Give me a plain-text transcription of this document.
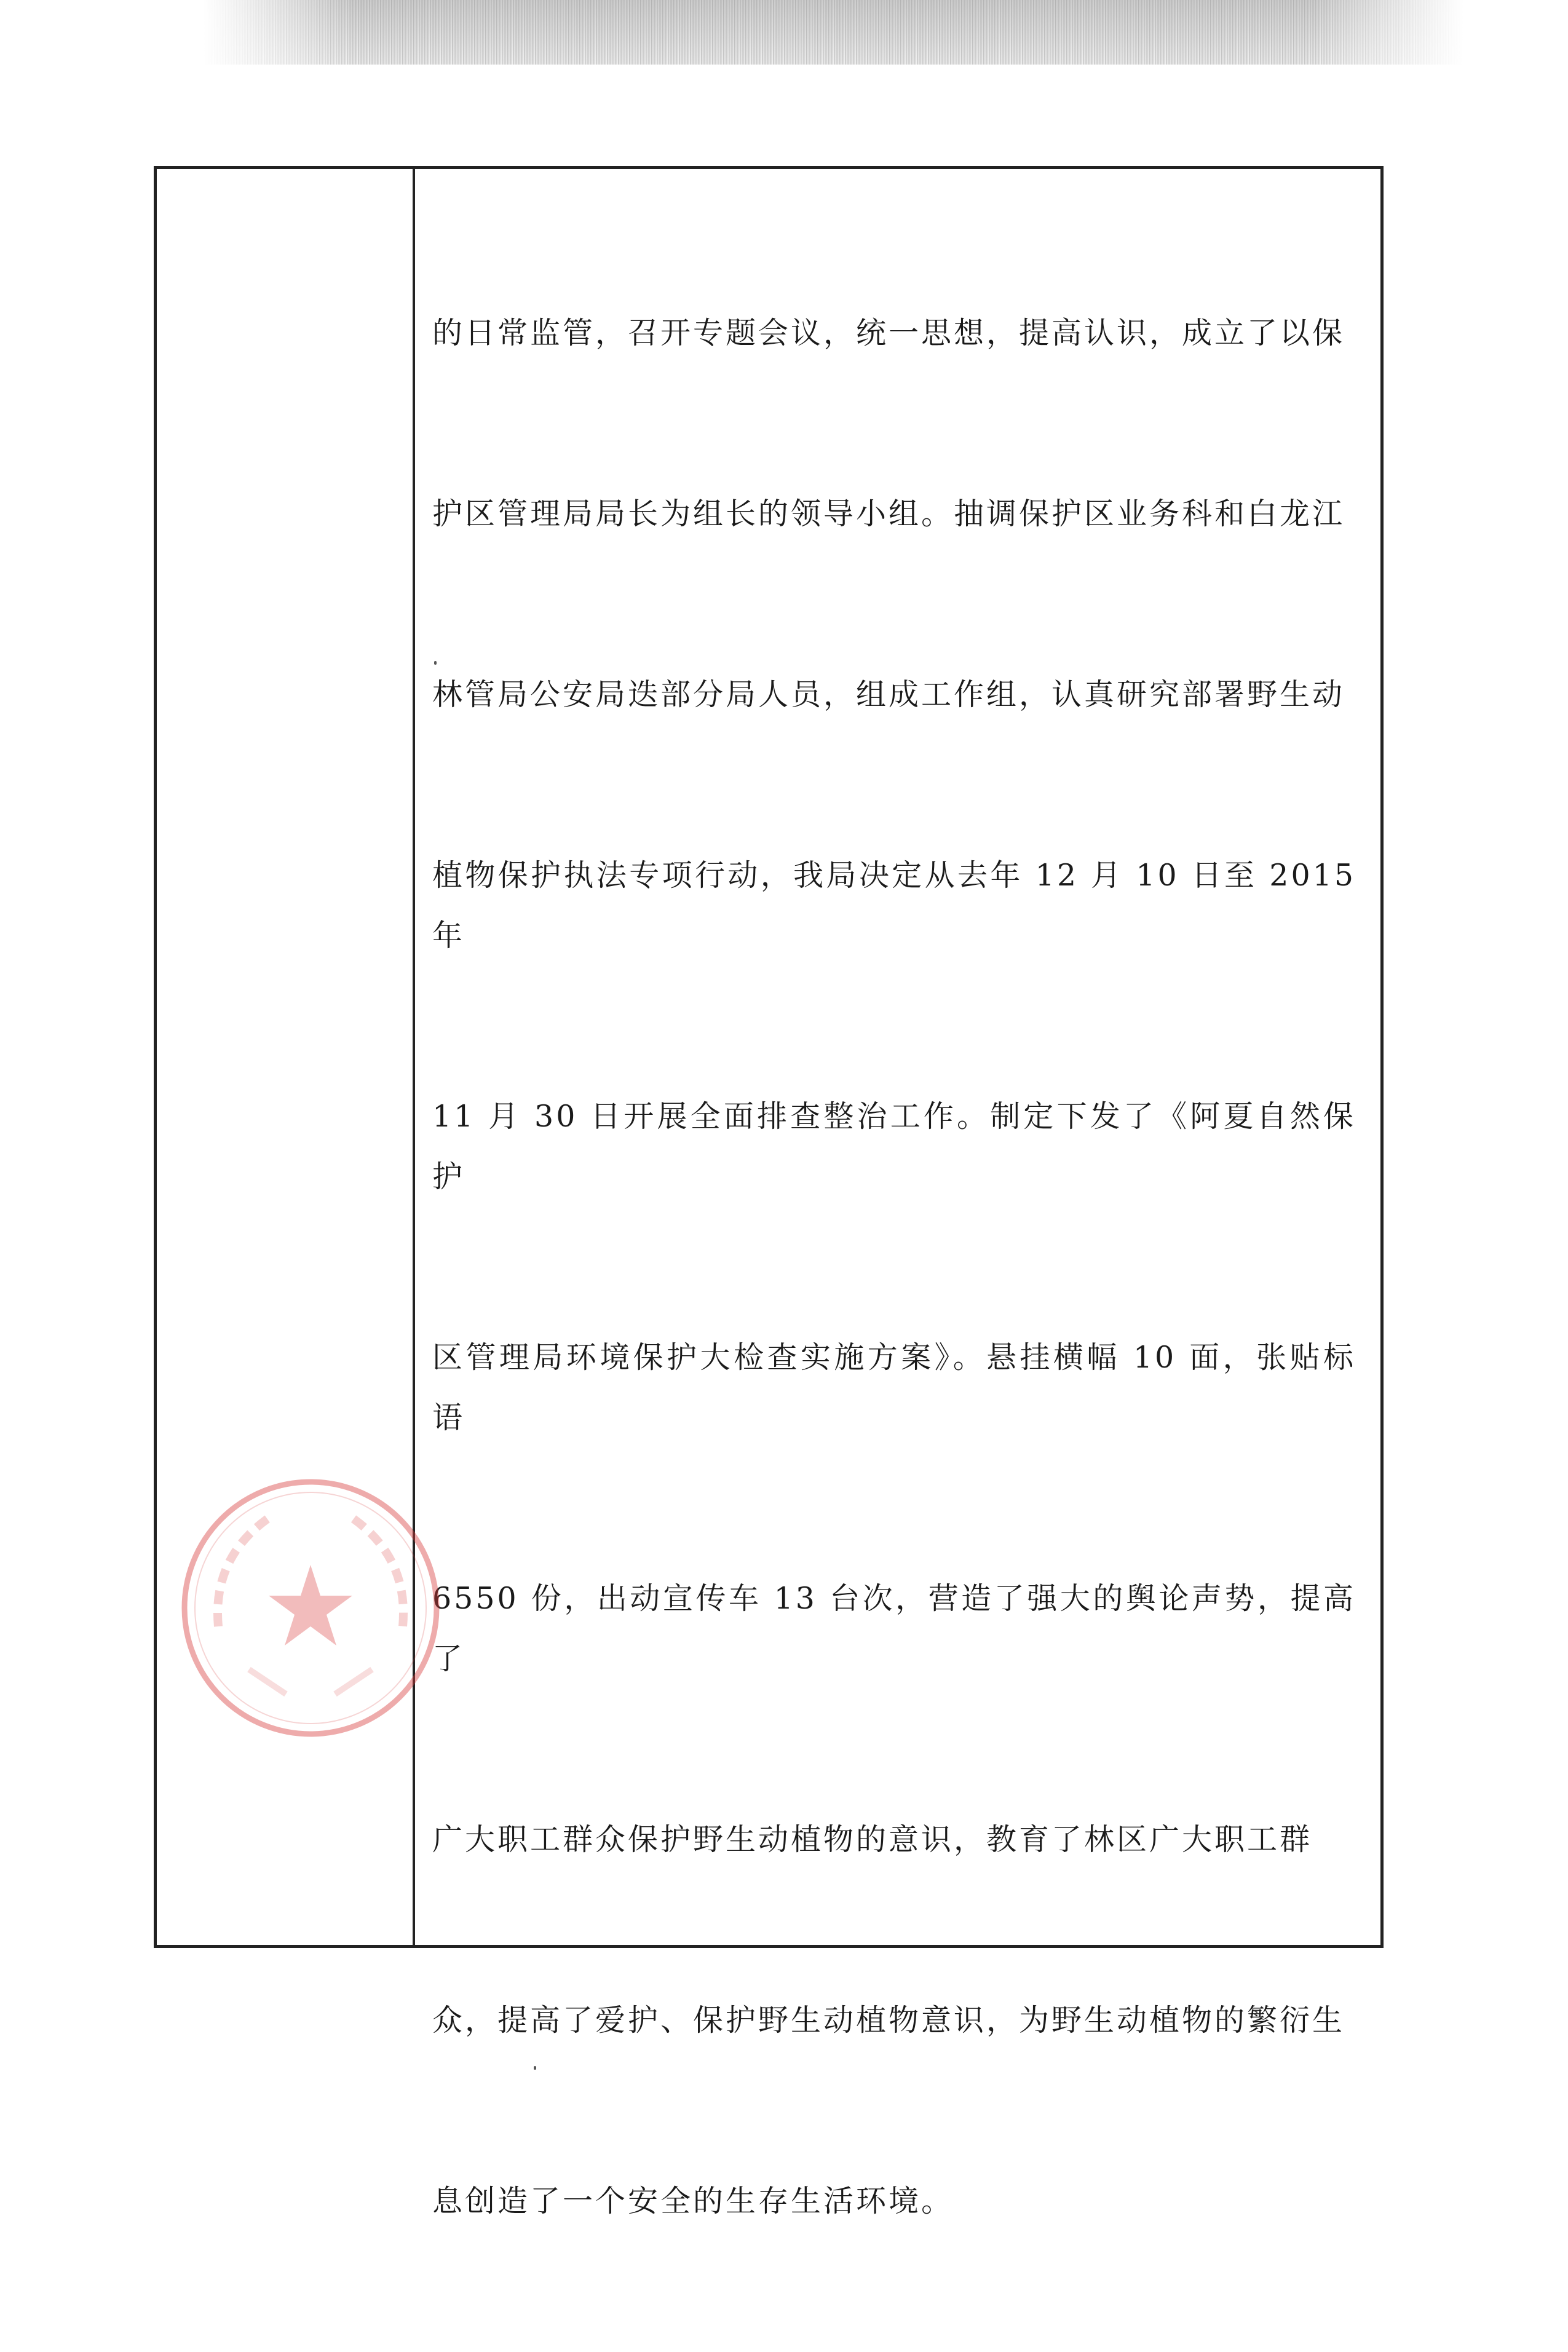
的日常监管，召开专题会议，统一思想，提高认识，成立了以保

护区管理局局长为组长的领导小组。抽调保护区业务科和白龙江

林管局公安局迭部分局人员，组成工作组，认真研究部署野生动

植物保护执法专项行动，我局决定从去年 12 月 10 日至 2015 年

11 月 30 日开展全面排查整治工作。制定下发了《阿夏自然保护

区管理局环境保护大检查实施方案》。悬挂横幅 10 面，张贴标语

6550 份，出动宣传车 13 台次，营造了强大的舆论声势，提高了

广大职工群众保护野生动植物的意识，教育了林区广大职工群

众，提高了爱护、保护野生动植物意识，为野生动植物的繁衍生

息创造了一个安全的生存生活环境。
